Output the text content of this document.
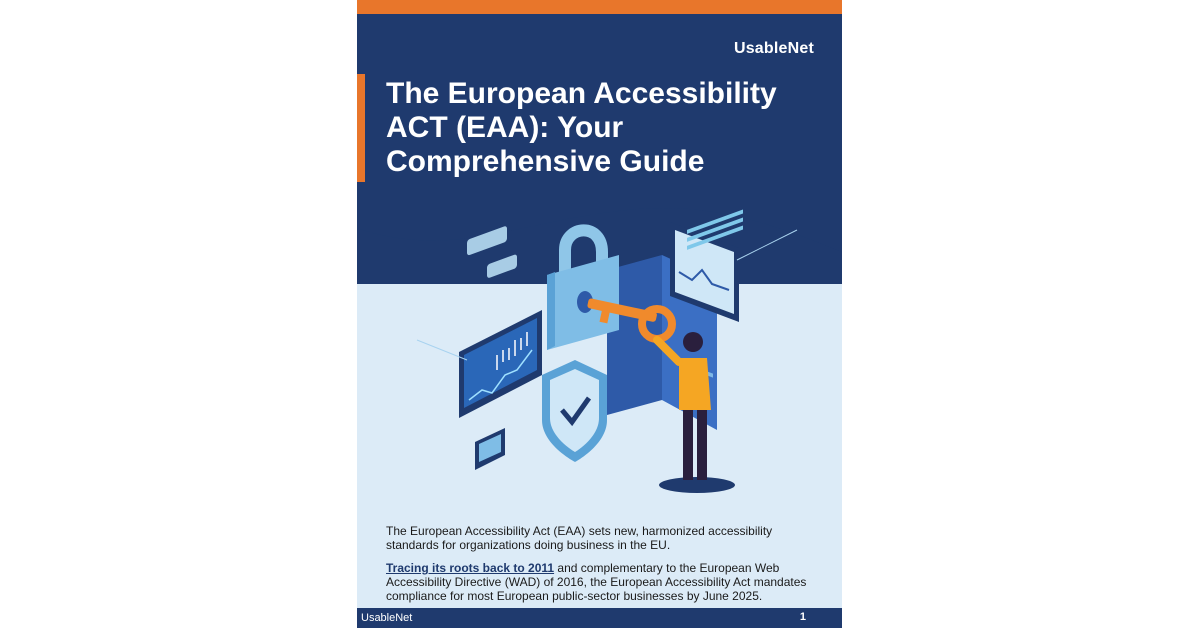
UsableNet
The European Accessibility
ACT (EAA): Your
Comprehensive Guide

The European Accessibility Act (EAA) sets new, harmonized accessibility standards for organizations doing business in the EU.

Tracing its roots back to 2011 and complementary to the European Web Accessibility Directive (WAD) of 2016, the European Accessibility Act mandates compliance for most European public-sector businesses by June 2025.

UsableNet	1
